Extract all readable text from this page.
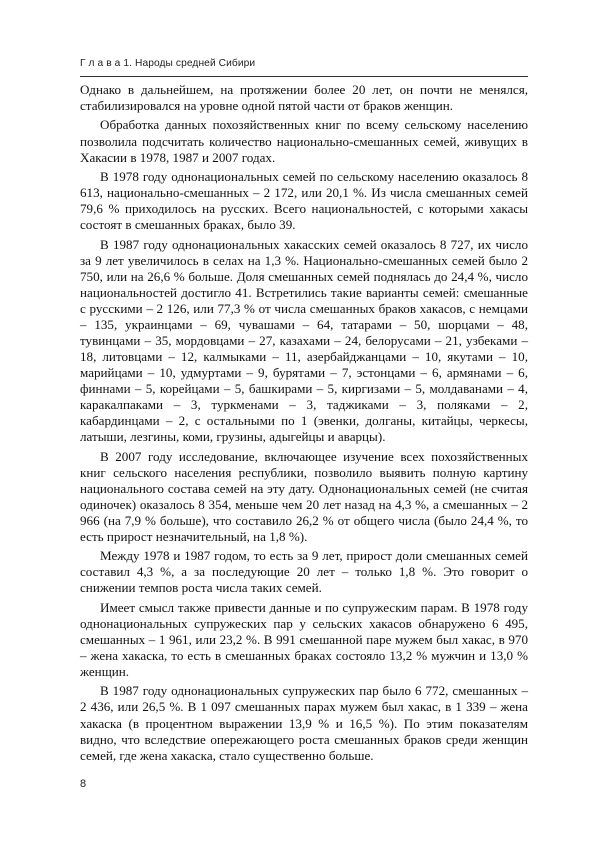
Г л а в а 1. Народы средней Сибири

Однако в дальнейшем, на протяжении более 20 лет, он почти не менялся, стабилизировался на уровне одной пятой части от браков женщин.

Обработка данных похозяйственных книг по всему сельскому населению позволила подсчитать количество национально-смешанных семей, живущих в Хакасии в 1978, 1987 и 2007 годах.

В 1978 году однонациональных семей по сельскому населению оказалось 8 613, национально-смешанных – 2 172, или 20,1 %. Из числа смешанных семей 79,6 % приходилось на русских. Всего национальностей, с которыми хакасы состоят в смешанных браках, было 39.

В 1987 году однонациональных хакасских семей оказалось 8 727, их число за 9 лет увеличилось в селах на 1,3 %. Национально-смешанных семей было 2 750, или на 26,6 % больше. Доля смешанных семей поднялась до 24,4 %, число национальностей достигло 41. Встретились такие варианты семей: смешанные с русскими – 2 126, или 77,3 % от числа смешанных браков хакасов, с немцами – 135, украинцами – 69, чувашами – 64, татарами – 50, шорцами – 48, тувинцами – 35, мордовцами – 27, казахами – 24, белорусами – 21, узбеками – 18, литовцами – 12, калмыками – 11, азербайджанцами – 10, якутами – 10, марийцами – 10, удмуртами – 9, бурятами – 7, эстонцами – 6, армянами – 6, финнами – 5, корейцами – 5, башкирами – 5, киргизами – 5, молдаванами – 4, каракалпаками – 3, туркменами – 3, таджиками – 3, поляками – 2, кабардинцами – 2, с остальными по 1 (эвенки, долганы, китайцы, черкесы, латыши, лезгины, коми, грузины, адыгейцы и аварцы).

В 2007 году исследование, включающее изучение всех похозяйственных книг сельского населения республики, позволило выявить полную картину национального состава семей на эту дату. Однонациональных семей (не считая одиночек) оказалось 8 354, меньше чем 20 лет назад на 4,3 %, а смешанных – 2 966 (на 7,9 % больше), что составило 26,2 % от общего числа (было 24,4 %, то есть прирост незначительный, на 1,8 %).

Между 1978 и 1987 годом, то есть за 9 лет, прирост доли смешанных семей составил 4,3 %, а за последующие 20 лет – только 1,8 %. Это говорит о снижении темпов роста числа таких семей.

Имеет смысл также привести данные и по супружеским парам. В 1978 году однонациональных супружеских пар у сельских хакасов обнаружено 6 495, смешанных – 1 961, или 23,2 %. В 991 смешанной паре мужем был хакас, в 970 – жена хакаска, то есть в смешанных браках состояло 13,2 % мужчин и 13,0 % женщин.

В 1987 году однонациональных супружеских пар было 6 772, смешанных – 2 436, или 26,5 %. В 1 097 смешанных парах мужем был хакас, в 1 339 – жена хакаска (в процентном выражении 13,9 % и 16,5 %). По этим показателям видно, что вследствие опережающего роста смешанных браков среди женщин семей, где жена хакаска, стало существенно больше.

8
